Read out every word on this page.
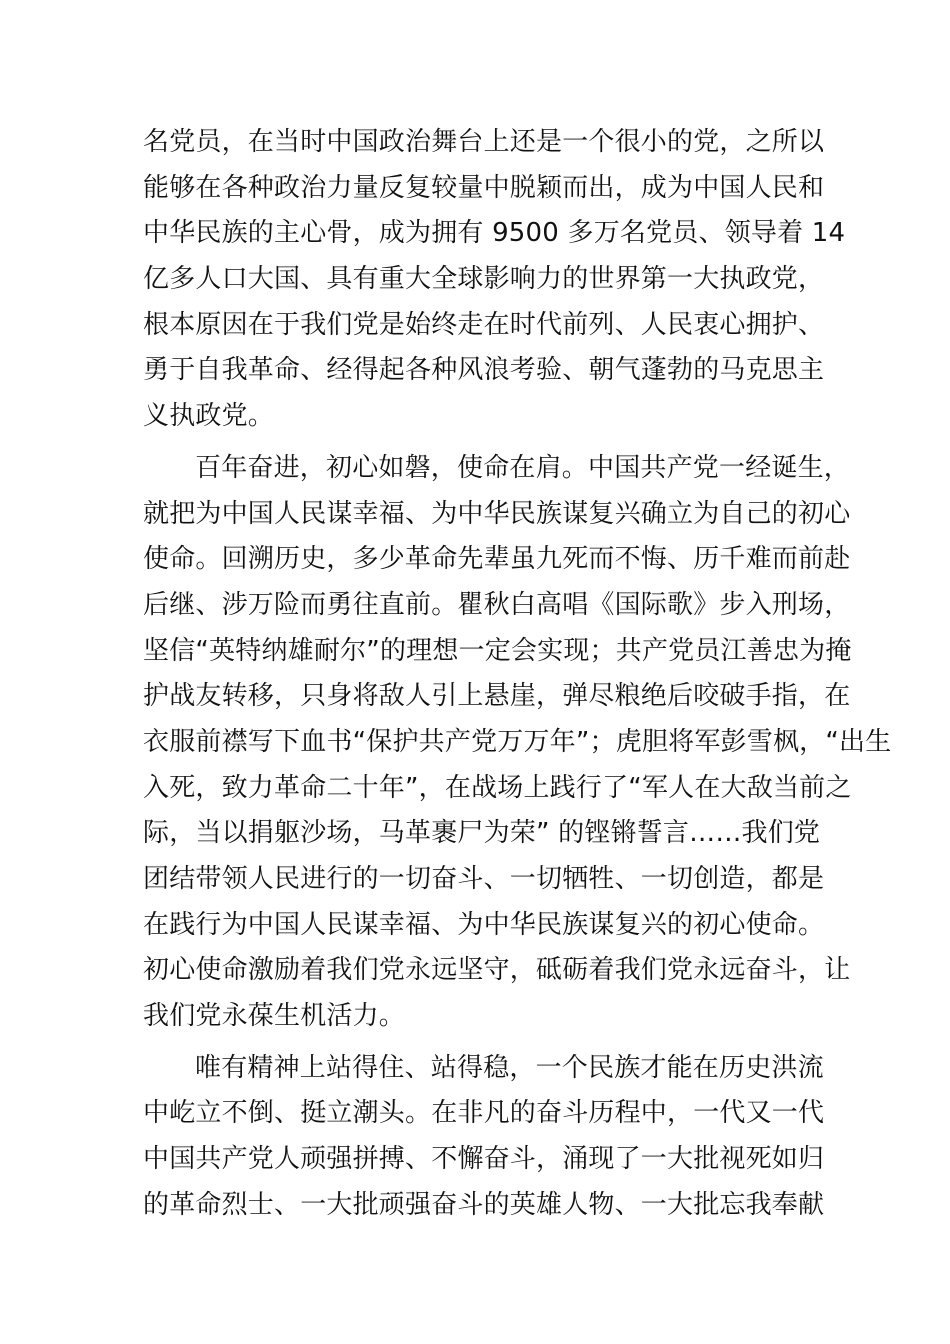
名党员，在当时中国政治舞台上还是一个很小的党，之所以
能够在各种政治力量反复较量中脱颖而出，成为中国人民和
中华民族的主心骨，成为拥有 9500 多万名党员、领导着 14
亿多人口大国、具有重大全球影响力的世界第一大执政党，
根本原因在于我们党是始终走在时代前列、人民衷心拥护、
勇于自我革命、经得起各种风浪考验、朝气蓬勃的马克思主
义执政党。
百年奋进，初心如磐，使命在肩。中国共产党一经诞生，
就把为中国人民谋幸福、为中华民族谋复兴确立为自己的初心
使命。回溯历史，多少革命先辈虽九死而不悔、历千难而前赴
后继、涉万险而勇往直前。瞿秋白高唱《国际歌》步入刑场，
坚信“英特纳雄耐尔”的理想一定会实现；共产党员江善忠为掩
护战友转移，只身将敌人引上悬崖，弹尽粮绝后咬破手指，在
衣服前襟写下血书“保护共产党万万年”；虎胆将军彭雪枫，“出生
入死，致力革命二十年”，在战场上践行了“军人在大敌当前之
际，当以捐躯沙场，马革裹尸为荣” 的铿锵誓言……我们党
团结带领人民进行的一切奋斗、一切牺牲、一切创造，都是
在践行为中国人民谋幸福、为中华民族谋复兴的初心使命。
初心使命激励着我们党永远坚守，砥砺着我们党永远奋斗，让
我们党永葆生机活力。
唯有精神上站得住、站得稳，一个民族才能在历史洪流
中屹立不倒、挺立潮头。在非凡的奋斗历程中，一代又一代
中国共产党人顽强拼搏、不懈奋斗，涌现了一大批视死如归
的革命烈士、一大批顽强奋斗的英雄人物、一大批忘我奉献
